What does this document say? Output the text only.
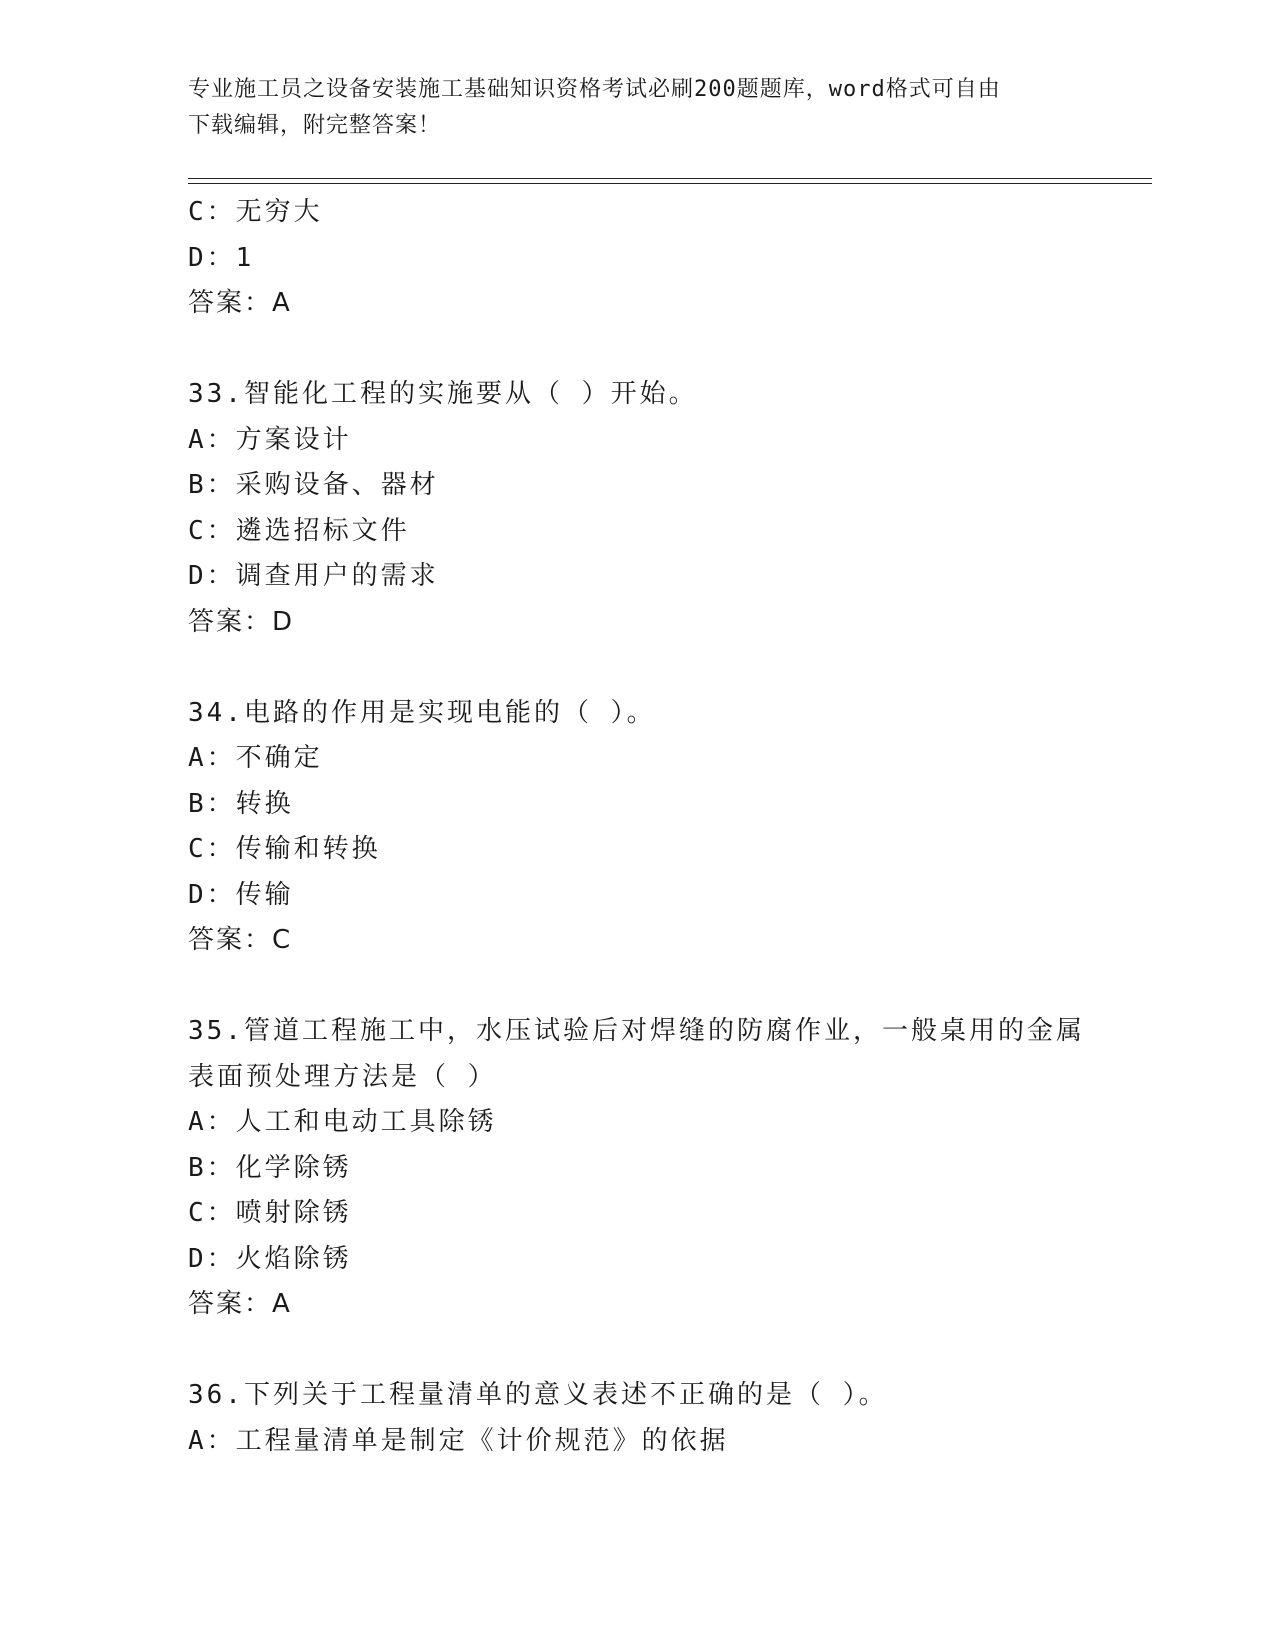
专业施工员之设备安装施工基础知识资格考试必刷200题题库，word格式可自由
下载编辑，附完整答案！
C：无穷大
D：1
答案：A
33.智能化工程的实施要从（ ）开始。
A：方案设计
B：采购设备、器材
C：遴选招标文件
D：调查用户的需求
答案：D
34.电路的作用是实现电能的（ ）。
A：不确定
B：转换
C：传输和转换
D：传输
答案：C
35.管道工程施工中，水压试验后对焊缝的防腐作业，一般桌用的金属
表面预处理方法是（ ）
A：人工和电动工具除锈
B：化学除锈
C：喷射除锈
D：火焰除锈
答案：A
36.下列关于工程量清单的意义表述不正确的是（ ）。
A：工程量清单是制定《计价规范》的依据
